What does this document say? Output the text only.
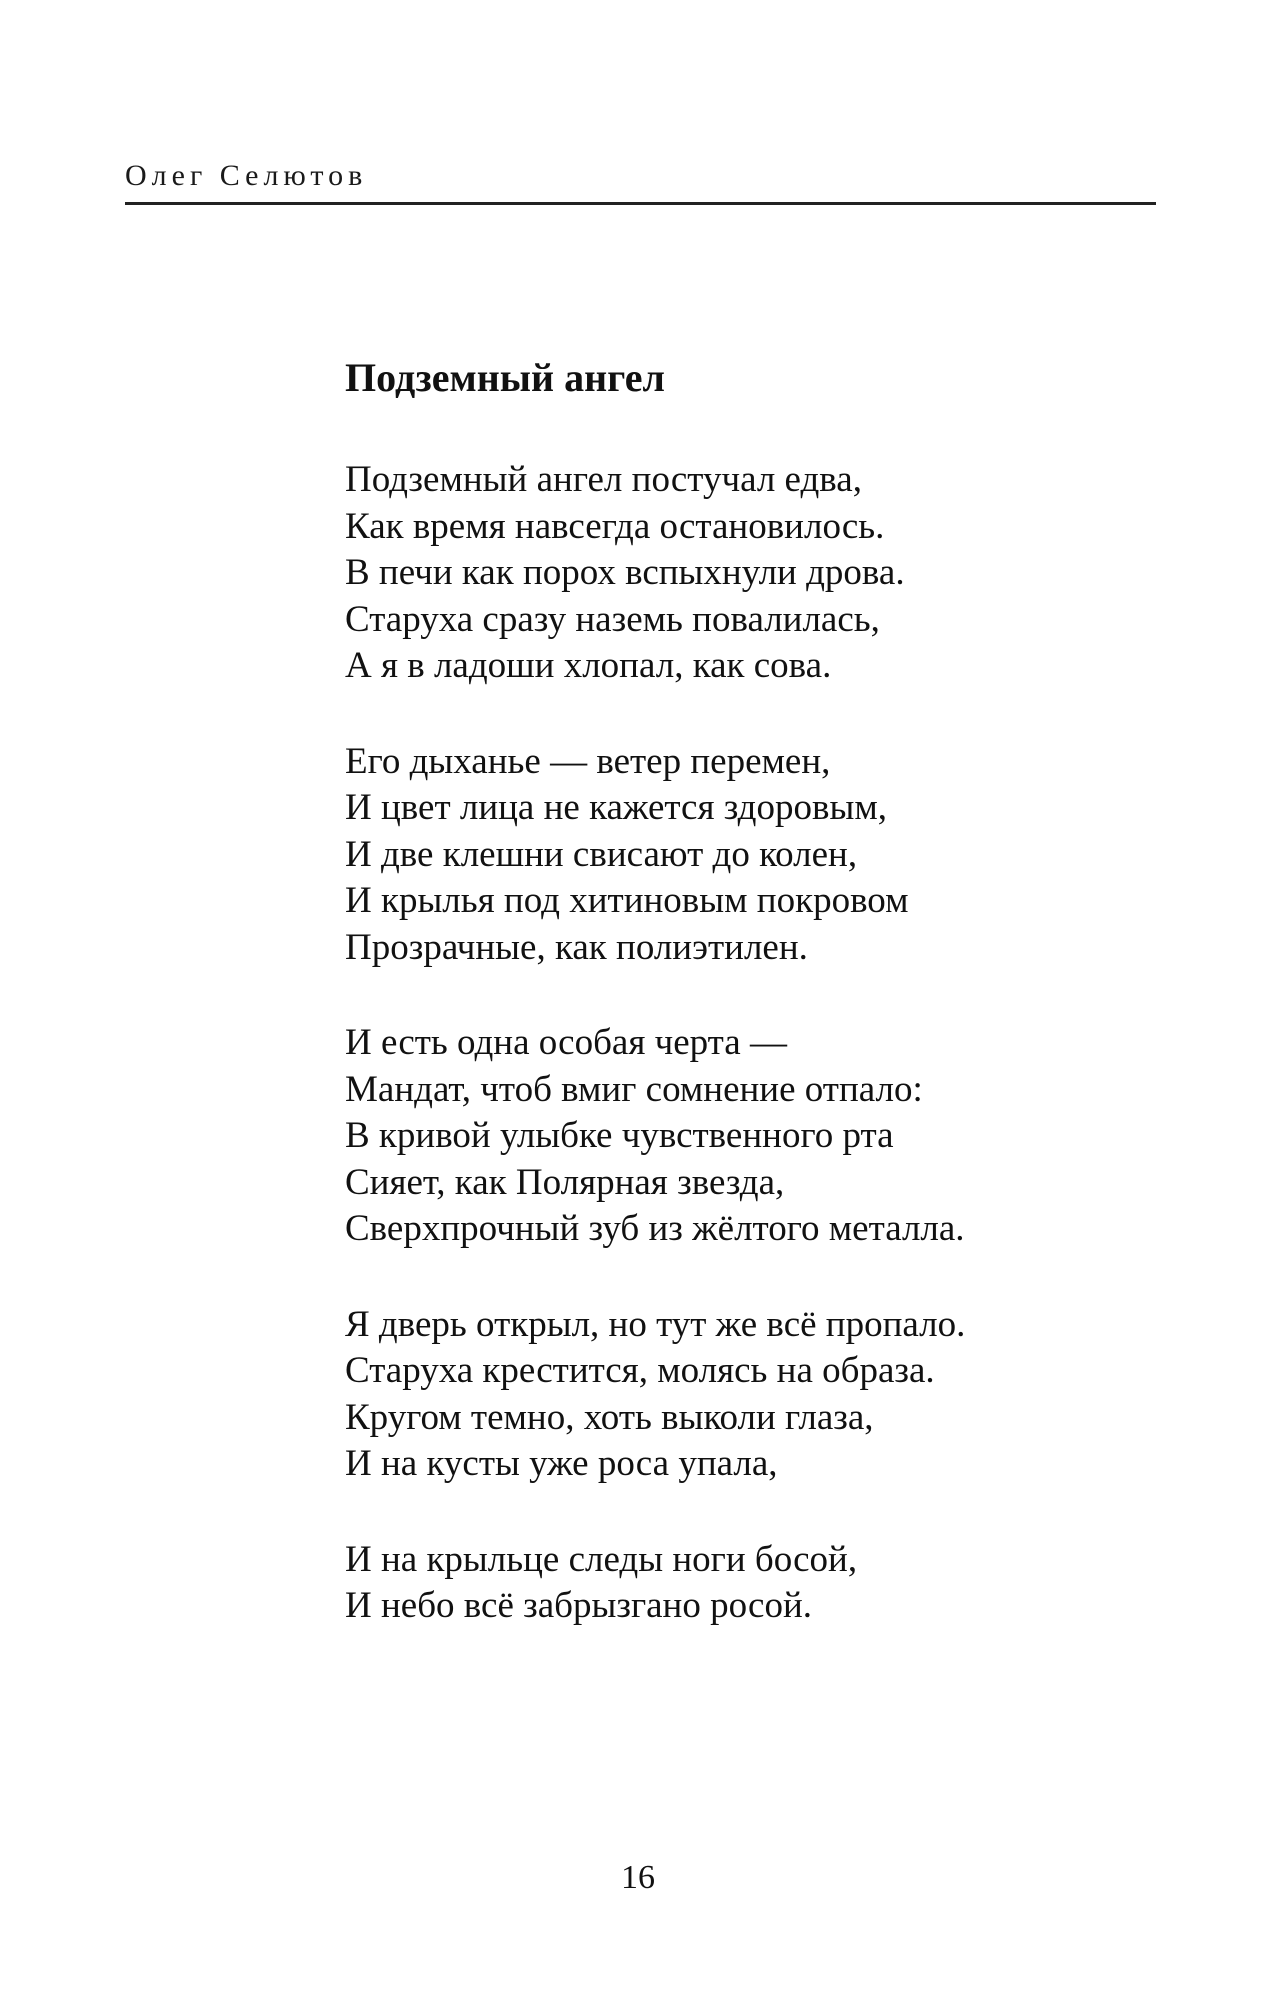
Олег Селютов
Подземный ангел
Подземный ангел постучал едва,
Как время навсегда остановилось.
В печи как порох вспыхнули дрова.
Старуха сразу наземь повалилась,
А я в ладоши хлопал, как сова.
Его дыханье — ветер перемен,
И цвет лица не кажется здоровым,
И две клешни свисают до колен,
И крылья под хитиновым покровом
Прозрачные, как полиэтилен.
И есть одна особая черта —
Мандат, чтоб вмиг сомнение отпало:
В кривой улыбке чувственного рта
Сияет, как Полярная звезда,
Сверхпрочный зуб из жёлтого металла.
Я дверь открыл, но тут же всё пропало.
Старуха крестится, молясь на образа.
Кругом темно, хоть выколи глаза,
И на кусты уже роса упала,
И на крыльце следы ноги босой,
И небо всё забрызгано росой.
16
